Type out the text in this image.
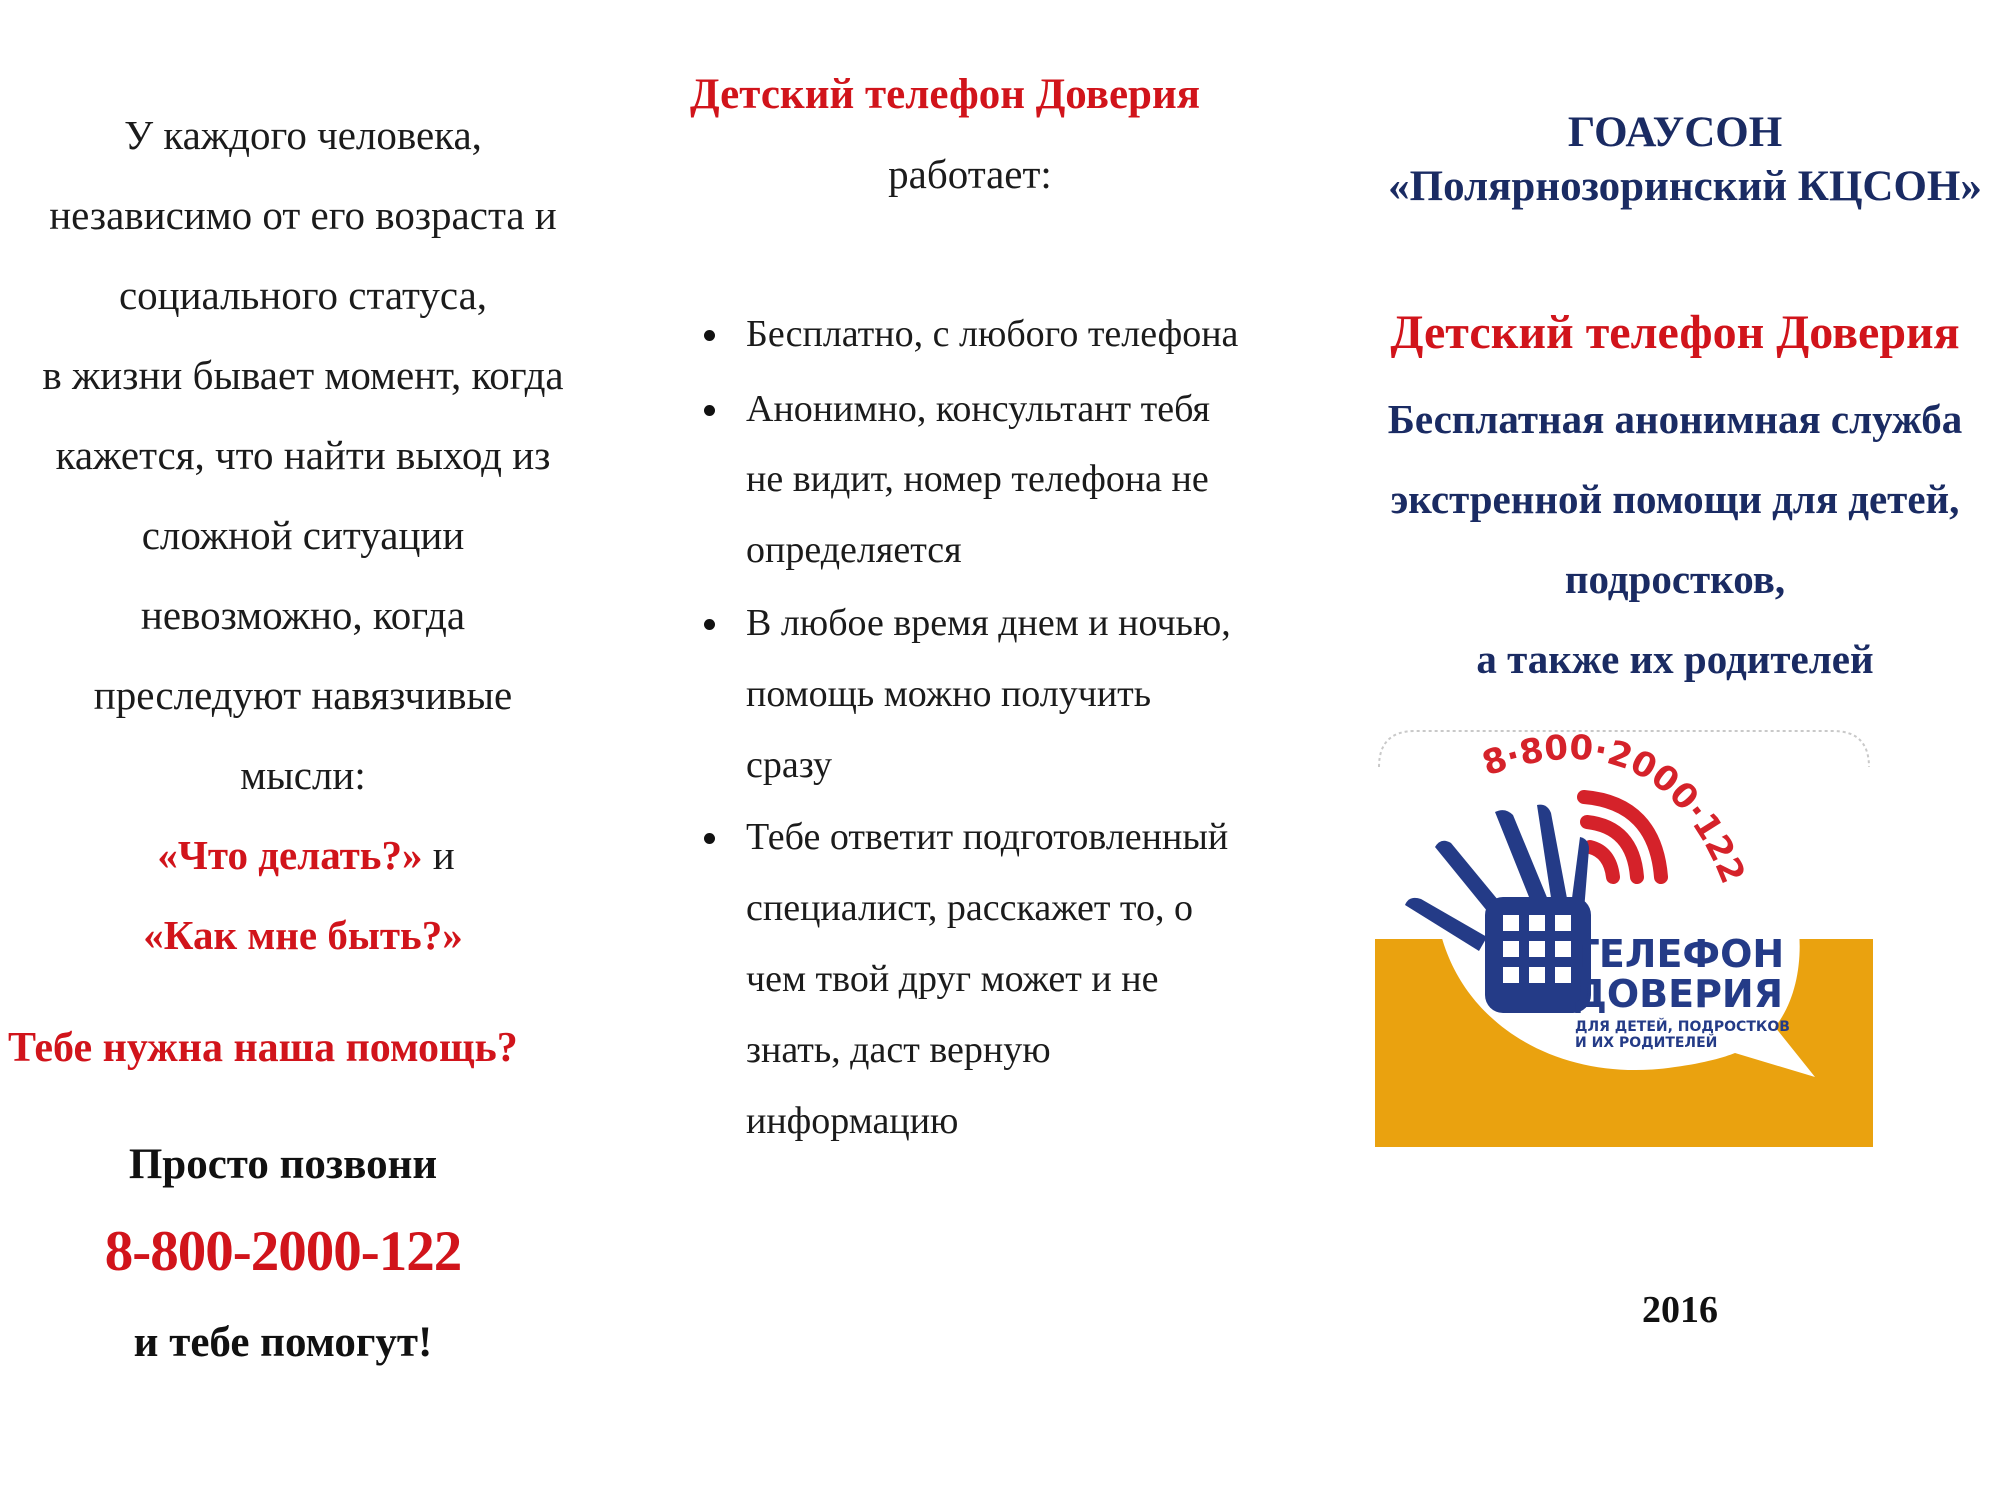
У каждого человека,
независимо от его возраста и
социального статуса,
в жизни бывает момент, когда
кажется, что найти выход из
сложной ситуации
невозможно, когда
преследуют навязчивые
мысли:
«Что делать?» и
«Как мне быть?»
Тебе нужна наша помощь?
Просто позвони
8-800-2000-122
и тебе помогут!
Детский телефон Доверия
работает:
Бесплатно, с любого телефона
Анонимно, консультант тебя
не видит, номер телефона не
определяется
В любое время днем и ночью,
помощь можно получить
сразу
Тебе ответит подготовленный
специалист, расскажет то, о
чем твой друг может и не
знать, даст верную
информацию
ГОАУСОН
«Полярнозоринский КЦСОН»
Детский телефон Доверия
Бесплатная анонимная служба
экстренной помощи для детей,
подростков,
а также их родителей
2016
8·800·2000·122
ТЕЛЕФОН
ДОВЕРИЯ
ДЛЯ ДЕТЕЙ, ПОДРОСТКОВ
И ИХ РОДИТЕЛЕЙ
